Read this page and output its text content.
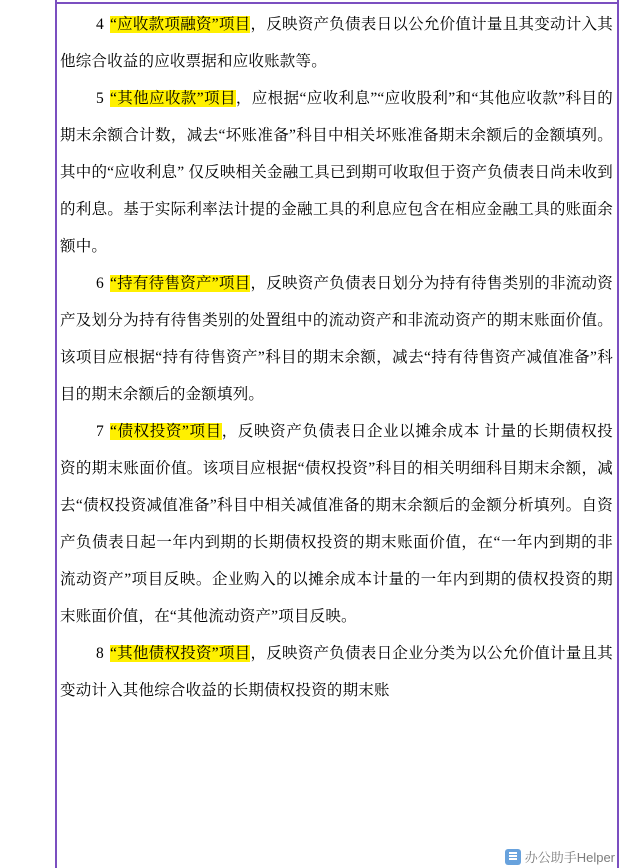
4 “应收款项融资”项目，反映资产负债表日以公允价值计量且其变动计入其他综合收益的应收票据和应收账款等。

5 “其他应收款”项目，应根据“应收利息”“应收股利”和“其他应收款”科目的期末余额合计数，减去“坏账准备”科目中相关坏账准备期末余额后的金额填列。其中的“应收利息” 仅反映相关金融工具已到期可收取但于资产负债表日尚未收到的利息。基于实际利率法计提的金融工具的利息应包含在相应金融工具的账面余额中。

6 “持有待售资产”项目，反映资产负债表日划分为持有待售类别的非流动资产及划分为持有待售类别的处置组中的流动资产和非流动资产的期末账面价值。该项目应根据“持有待售资产”科目的期末余额，减去“持有待售资产减值准备”科目的期末余额后的金额填列。

7 “债权投资”项目，反映资产负债表日企业以摊余成本 计量的长期债权投资的期末账面价值。该项目应根据“债权投资”科目的相关明细科目期末余额，减去“债权投资减值准备”科目中相关减值准备的期末余额后的金额分析填列。自资产负债表日起一年内到期的长期债权投资的期末账面价值，在“一年内到期的非流动资产”项目反映。企业购入的以摊余成本计量的一年内到期的债权投资的期末账面价值，在“其他流动资产”项目反映。

8 “其他债权投资”项目，反映资产负债表日企业分类为以公允价值计量且其变动计入其他综合收益的长期债权投资的期末账

办公助手Helper
